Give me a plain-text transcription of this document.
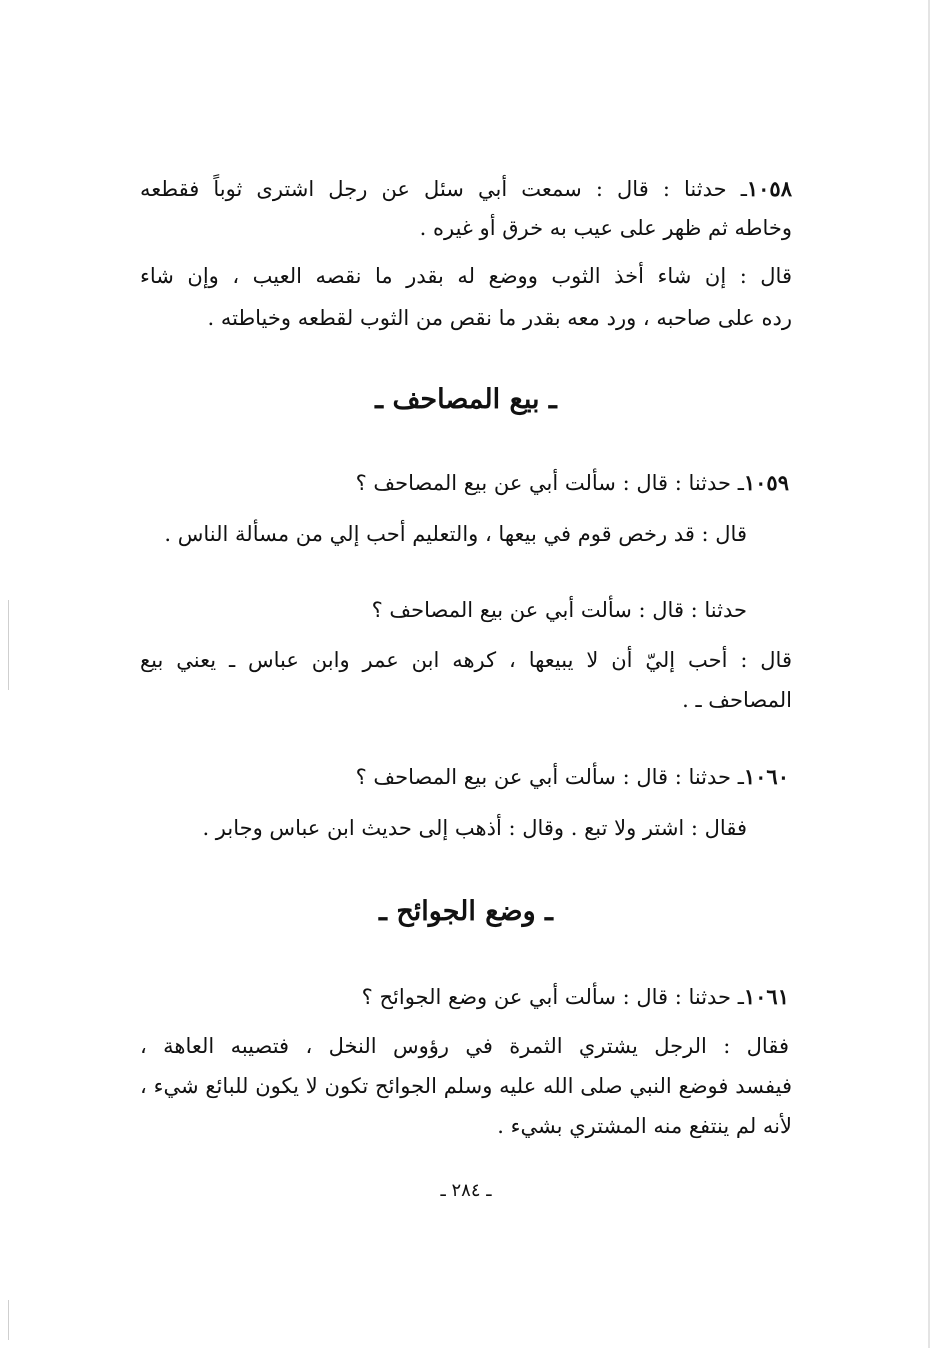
١٠٥٨ـ حدثنا : قال : سمعت أبي سئل عن رجل اشترى ثوباً فقطعه
وخاطه ثم ظهر على عيب به خرق أو غيره .
قال : إن شاء أخذ الثوب ووضع له بقدر ما نقصه العيب ، وإن شاء
رده على صاحبه ، ورد معه بقدر ما نقص من الثوب لقطعه وخياطته .
ـ بيع المصاحف ـ
١٠٥٩ـ حدثنا : قال : سألت أبي عن بيع المصاحف ؟
قال : قد رخص قوم في بيعها ، والتعليم أحب إلي من مسألة الناس .
حدثنا : قال : سألت أبي عن بيع المصاحف ؟
قال : أحب إليّ أن لا يبيعها ، كرهه ابن عمر وابن عباس ـ يعني بيع
المصاحف ـ .
١٠٦٠ـ حدثنا : قال : سألت أبي عن بيع المصاحف ؟
فقال : اشتر ولا تبع . وقال : أذهب إلى حديث ابن عباس وجابر .
ـ وضع الجوائح ـ
١٠٦١ـ حدثنا : قال : سألت أبي عن وضع الجوائح ؟
فقال : الرجل يشتري الثمرة في رؤوس النخل ، فتصيبه العاهة ،
فيفسد فوضع النبي صلى الله عليه وسلم الجوائح تكون لا يكون للبائع شيء ،
لأنه لم ينتفع منه المشتري بشيء .
ـ ٢٨٤ ـ
